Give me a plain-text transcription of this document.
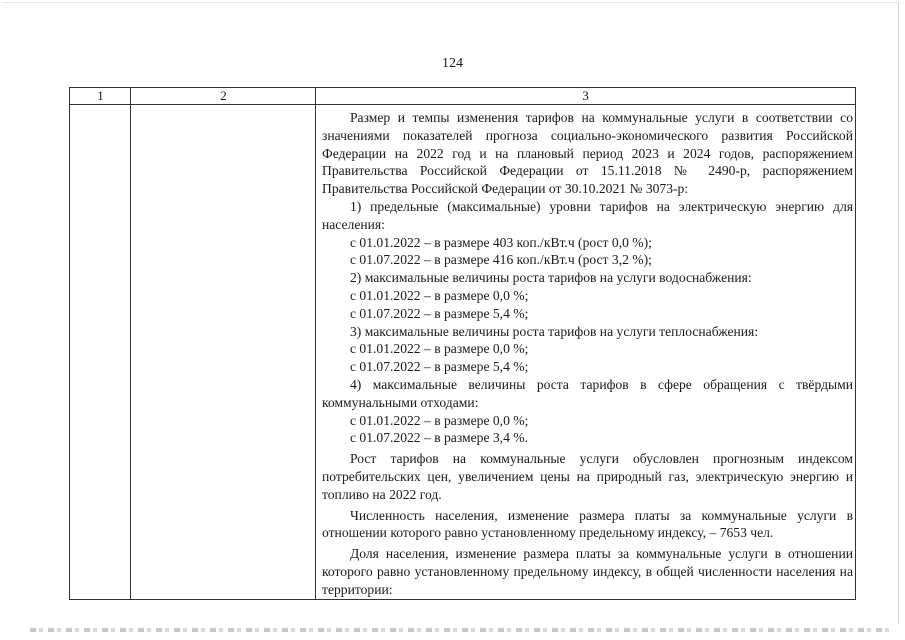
124
1	2	3

Размер и темпы изменения тарифов на коммунальные услуги в соответствии со значениями показателей прогноза социально-экономического развития Российской Федерации на 2022 год и на плановый период 2023 и 2024 годов, распоряжением Правительства Российской Федерации от 15.11.2018 № 2490-р, распоряжением Правительства Российской Федерации от 30.10.2021 № 3073-р:

1) предельные (максимальные) уровни тарифов на электрическую энергию для населения:

с 01.01.2022 – в размере 403 коп./кВт.ч (рост 0,0 %);

с 01.07.2022 – в размере 416 коп./кВт.ч (рост 3,2 %);

2) максимальные величины роста тарифов на услуги водоснабжения:

с 01.01.2022 – в размере 0,0 %;

с 01.07.2022 – в размере 5,4 %;

3) максимальные величины роста тарифов на услуги теплоснабжения:

с 01.01.2022 – в размере 0,0 %;

с 01.07.2022 – в размере 5,4 %;

4) максимальные величины роста тарифов в сфере обращения с твёрдыми коммунальными отходами:

с 01.01.2022 – в размере 0,0 %;

с 01.07.2022 – в размере 3,4 %.

Рост тарифов на коммунальные услуги обусловлен прогнозным индексом потребительских цен, увеличением цены на природный газ, электрическую энергию и топливо на 2022 год.

Численность населения, изменение размера платы за коммунальные услуги в отношении которого равно установленному предельному индексу, – 7653 чел.

Доля населения, изменение размера платы за коммунальные услуги в отношении которого равно установленному предельному индексу, в общей численности населения на территории:
